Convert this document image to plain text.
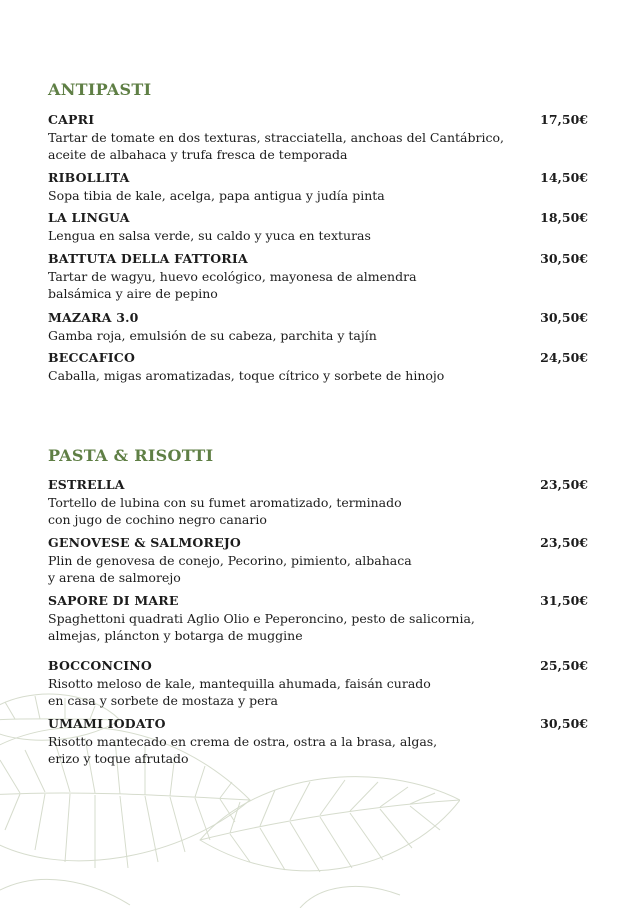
ANTIPASTI
CAPRI	17,50€
Tartar de tomate en dos texturas, stracciatella, anchoas del Cantábrico,
aceite de albahaca y trufa fresca de temporada
RIBOLLITA	14,50€
Sopa tibia de kale, acelga, papa antigua y judía pinta
LA LINGUA	18,50€
Lengua en salsa verde, su caldo y yuca en texturas
BATTUTA DELLA FATTORIA	30,50€
Tartar de wagyu, huevo ecológico, mayonesa de almendra
balsámica y aire de pepino
MAZARA 3.0	30,50€
Gamba roja, emulsión de su cabeza, parchita y tajín
BECCAFICO	24,50€
Caballa, migas aromatizadas, toque cítrico y sorbete de hinojo
PASTA & RISOTTI
ESTRELLA	23,50€
Tortello de lubina con su fumet aromatizado, terminado
con jugo de cochino negro canario
GENOVESE & SALMOREJO	23,50€
Plin de genovesa de conejo, Pecorino, pimiento, albahaca
y arena de salmorejo
SAPORE DI MARE	31,50€
Spaghettoni quadrati Aglio Olio e Peperoncino, pesto de salicornia,
almejas, pláncton y botarga de muggine
BOCCONCINO	25,50€
Risotto meloso de kale, mantequilla ahumada, faisán curado
en casa y sorbete de mostaza y pera
UMAMI IODATO	30,50€
Risotto mantecado en crema de ostra, ostra a la brasa, algas,
erizo y toque afrutado
